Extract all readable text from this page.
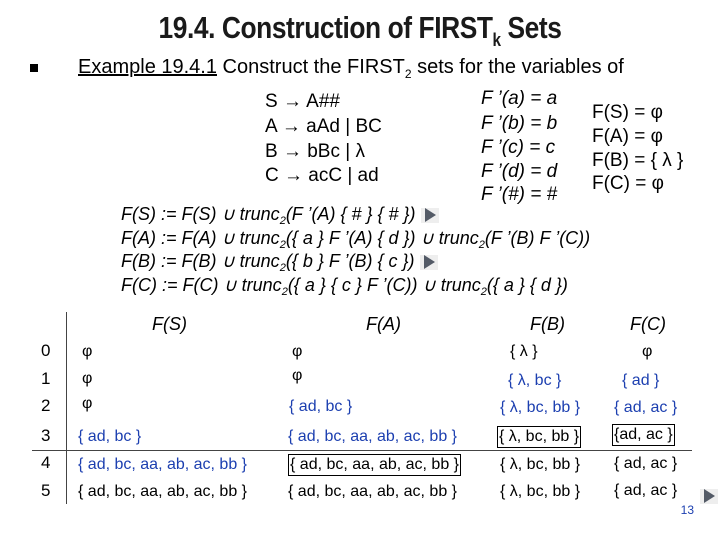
19.4. Construction of $FIRST_k$ Sets
Example 19.4.1 Construct the $FIRST_2$ sets for the variables of
S → A##
A → aAd | BC
B → bBc | λ
C → acC | ad
F ’(a) = a
F ’(b) = b
F ’(c) = c
F ’(d) = d
F ’(#) = #
F(S) = φ
F(A) = φ
F(B) = { λ }
F(C) = φ
F(S) := F(S) ∪ trunc$_2$(F ’(A) { # } { # })
F(A) := F(A) ∪ trunc$_2$({ a } F ’(A) { d }) ∪ trunc$_2$(F ’(B) F ’(C))
F(B) := F(B) ∪ trunc$_2$({ b } F ’(B) { c })
F(C) := F(C) ∪ trunc$_2$({ a } { c } F ’(C)) ∪ trunc$_2$({ a } { d })
F(S)	F(A)	F(B)	F(C)
0 φ	φ	{ λ }	φ
1 φ	φ	{ λ, bc }	{ ad }
2 φ	{ ad, bc }	{ λ, bc, bb } { ad, ac }
3 { ad, bc }	{ ad, bc, aa, ab, ac, bb }	{ λ, bc, bb } {ad, ac }
4 { ad, bc, aa, ab, ac, bb }	{ ad, bc, aa, ab, ac, bb }	{ λ, bc, bb } { ad, ac }
5 { ad, bc, aa, ab, ac, bb }	{ ad, bc, aa, ab, ac, bb }	{ λ, bc, bb } { ad, ac }
13
